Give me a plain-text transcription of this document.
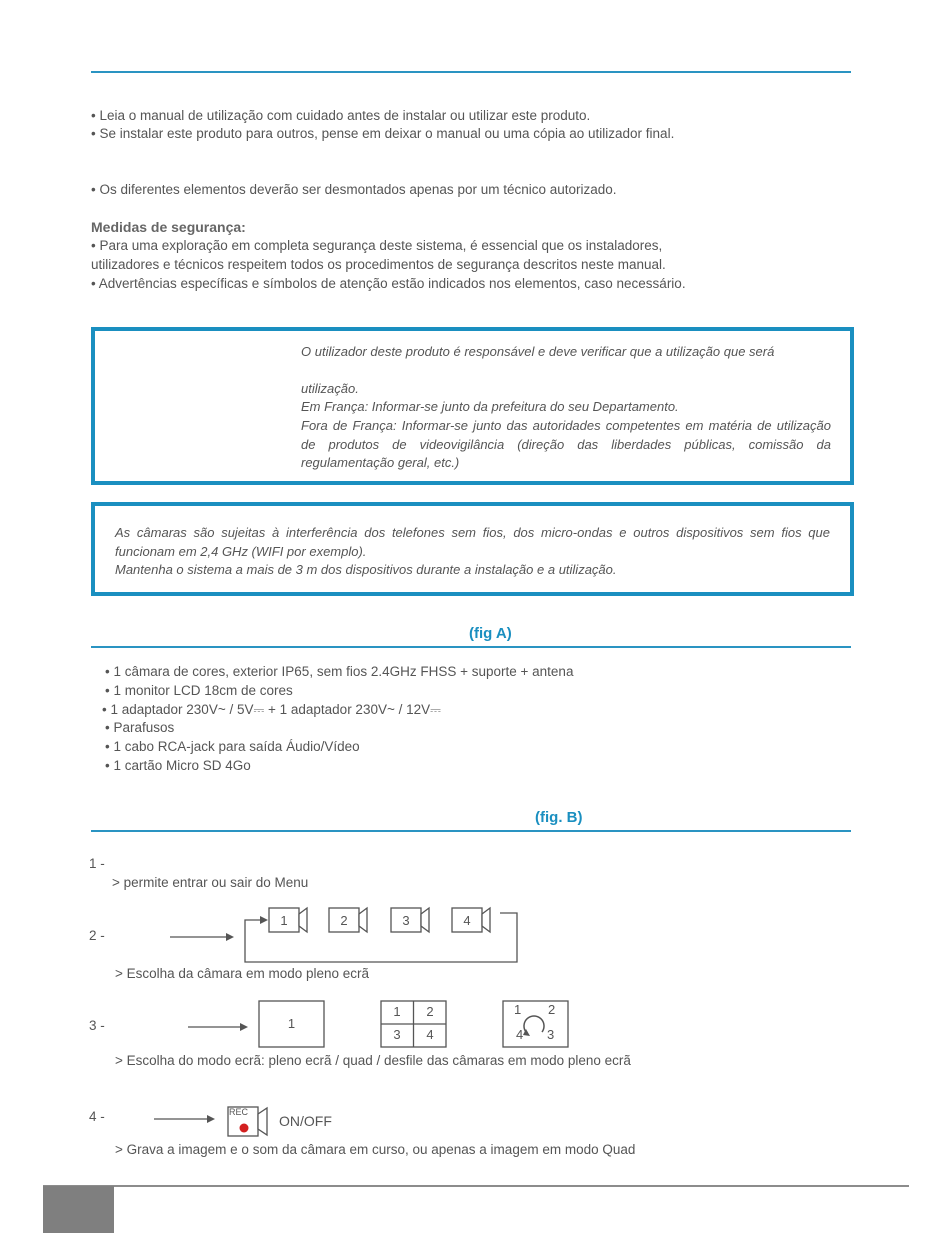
• Leia o manual de utilização com cuidado antes de instalar ou utilizar este produto.
• Se instalar este produto para outros, pense em deixar o manual ou uma cópia ao utilizador final.
• Os diferentes elementos deverão ser desmontados apenas por um técnico autorizado.
Medidas de segurança:
• Para uma exploração em completa segurança deste sistema, é essencial que os instaladores,
utilizadores e técnicos respeitem todos os procedimentos de segurança descritos neste manual.
• Advertências específicas e símbolos de atenção estão indicados nos elementos, caso necessário.
O utilizador deste produto é responsável e deve verificar que a utilização que será
utilização.
Em França: Informar-se junto da prefeitura do seu Departamento.
Fora de França: Informar-se junto das autoridades competentes em matéria de utilização de produtos de videovigilância (direção das liberdades públicas, comissão da regulamentação geral, etc.)
As câmaras são sujeitas à interferência dos telefones sem fios, dos micro-ondas e outros dispositivos sem fios que funcionam em 2,4 GHz (WIFI por exemplo).
Mantenha o sistema a mais de 3 m dos dispositivos durante a instalação e a utilização.
(fig A)
• 1 câmara de cores, exterior IP65, sem fios 2.4GHz FHSS + suporte + antena
• 1 monitor LCD 18cm de cores
• 1 adaptador 230V~ / 5V⎓ + 1 adaptador 230V~ / 12V⎓
• Parafusos
• 1 cabo RCA-jack para saída Áudio/Vídeo
• 1 cartão Micro SD 4Go
(fig. B)
1 -
> permite entrar ou sair do Menu
2 -
1	2	3	4
> Escolha da câmara em modo pleno ecrã
3 -	1
1	2
3	4
1 2
4 3
> Escolha do modo ecrã: pleno ecrã / quad / desfile das câmaras em modo pleno ecrã
4 -	REC
ON/OFF
> Grava a imagem e o som da câmara em curso, ou apenas a imagem em modo Quad
